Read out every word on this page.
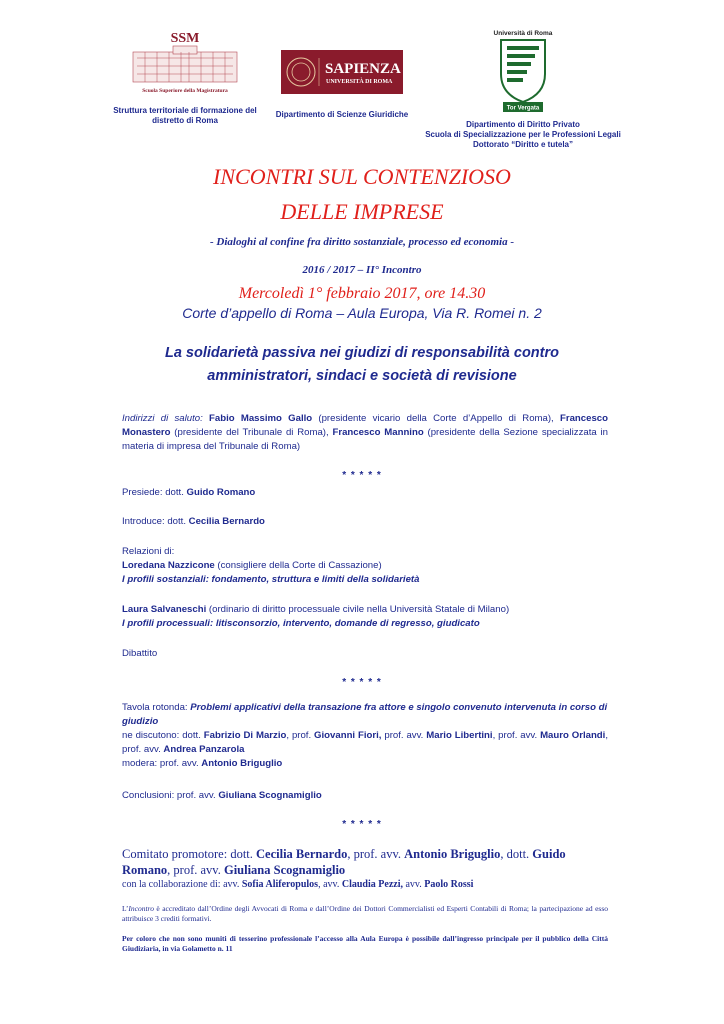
SSM
Scuola Superiore della Magistratura
Struttura territoriale di formazione del distretto di Roma
SAPIENZA
UNIVERSITÀ DI ROMA
Dipartimento di Scienze Giuridiche
Università di Roma
Tor Vergata
Dipartimento di Diritto Privato
Scuola di Specializzazione per le Professioni Legali
Dottorato “Diritto e tutela”
INCONTRI SUL CONTENZIOSO
DELLE IMPRESE
- Dialoghi al confine fra diritto sostanziale, processo ed economia -
2016 / 2017 – II° Incontro
Mercoledì 1° febbraio 2017, ore 14.30
Corte d’appello di Roma – Aula Europa, Via R. Romei n. 2
La solidarietà passiva nei giudizi di responsabilità contro
amministratori, sindaci e società di revisione
Indirizzi di saluto: Fabio Massimo Gallo (presidente vicario della Corte d’Appello di Roma), Francesco Monastero (presidente del Tribunale di Roma), Francesco Mannino (presidente della Sezione specializzata in materia di impresa del Tribunale di Roma)
* * * * *
Presiede: dott. Guido Romano
Introduce: dott. Cecilia Bernardo
Relazioni di:
Loredana Nazzicone (consigliere della Corte di Cassazione)
I profili sostanziali: fondamento, struttura e limiti della solidarietà
Laura Salvaneschi (ordinario di diritto processuale civile nella Università Statale di Milano)
I profili processuali: litisconsorzio, intervento, domande di regresso, giudicato
Dibattito
* * * * *
Tavola rotonda: Problemi applicativi della transazione fra attore e singolo convenuto intervenuta in corso di giudizio
ne discutono: dott. Fabrizio Di Marzio, prof. Giovanni Fiori, prof. avv. Mario Libertini, prof. avv. Mauro Orlandi, prof. avv. Andrea Panzarola
modera: prof. avv. Antonio Briguglio
Conclusioni: prof. avv. Giuliana Scognamiglio
* * * * *
Comitato promotore: dott. Cecilia Bernardo, prof. avv. Antonio Briguglio, dott. Guido Romano, prof. avv. Giuliana Scognamiglio
con la collaborazione di: avv. Sofia Aliferopulos, avv. Claudia Pezzi, avv. Paolo Rossi
L’Incontro è accreditato dall’Ordine degli Avvocati di Roma e dall’Ordine dei Dottori Commercialisti ed Esperti Contabili di Roma; la partecipazione ad esso attribuisce 3 crediti formativi.
Per coloro che non sono muniti di tesserino professionale l’accesso alla Aula Europa è possibile dall’ingresso principale per il pubblico della Città Giudiziaria, in via Golametto n. 11
